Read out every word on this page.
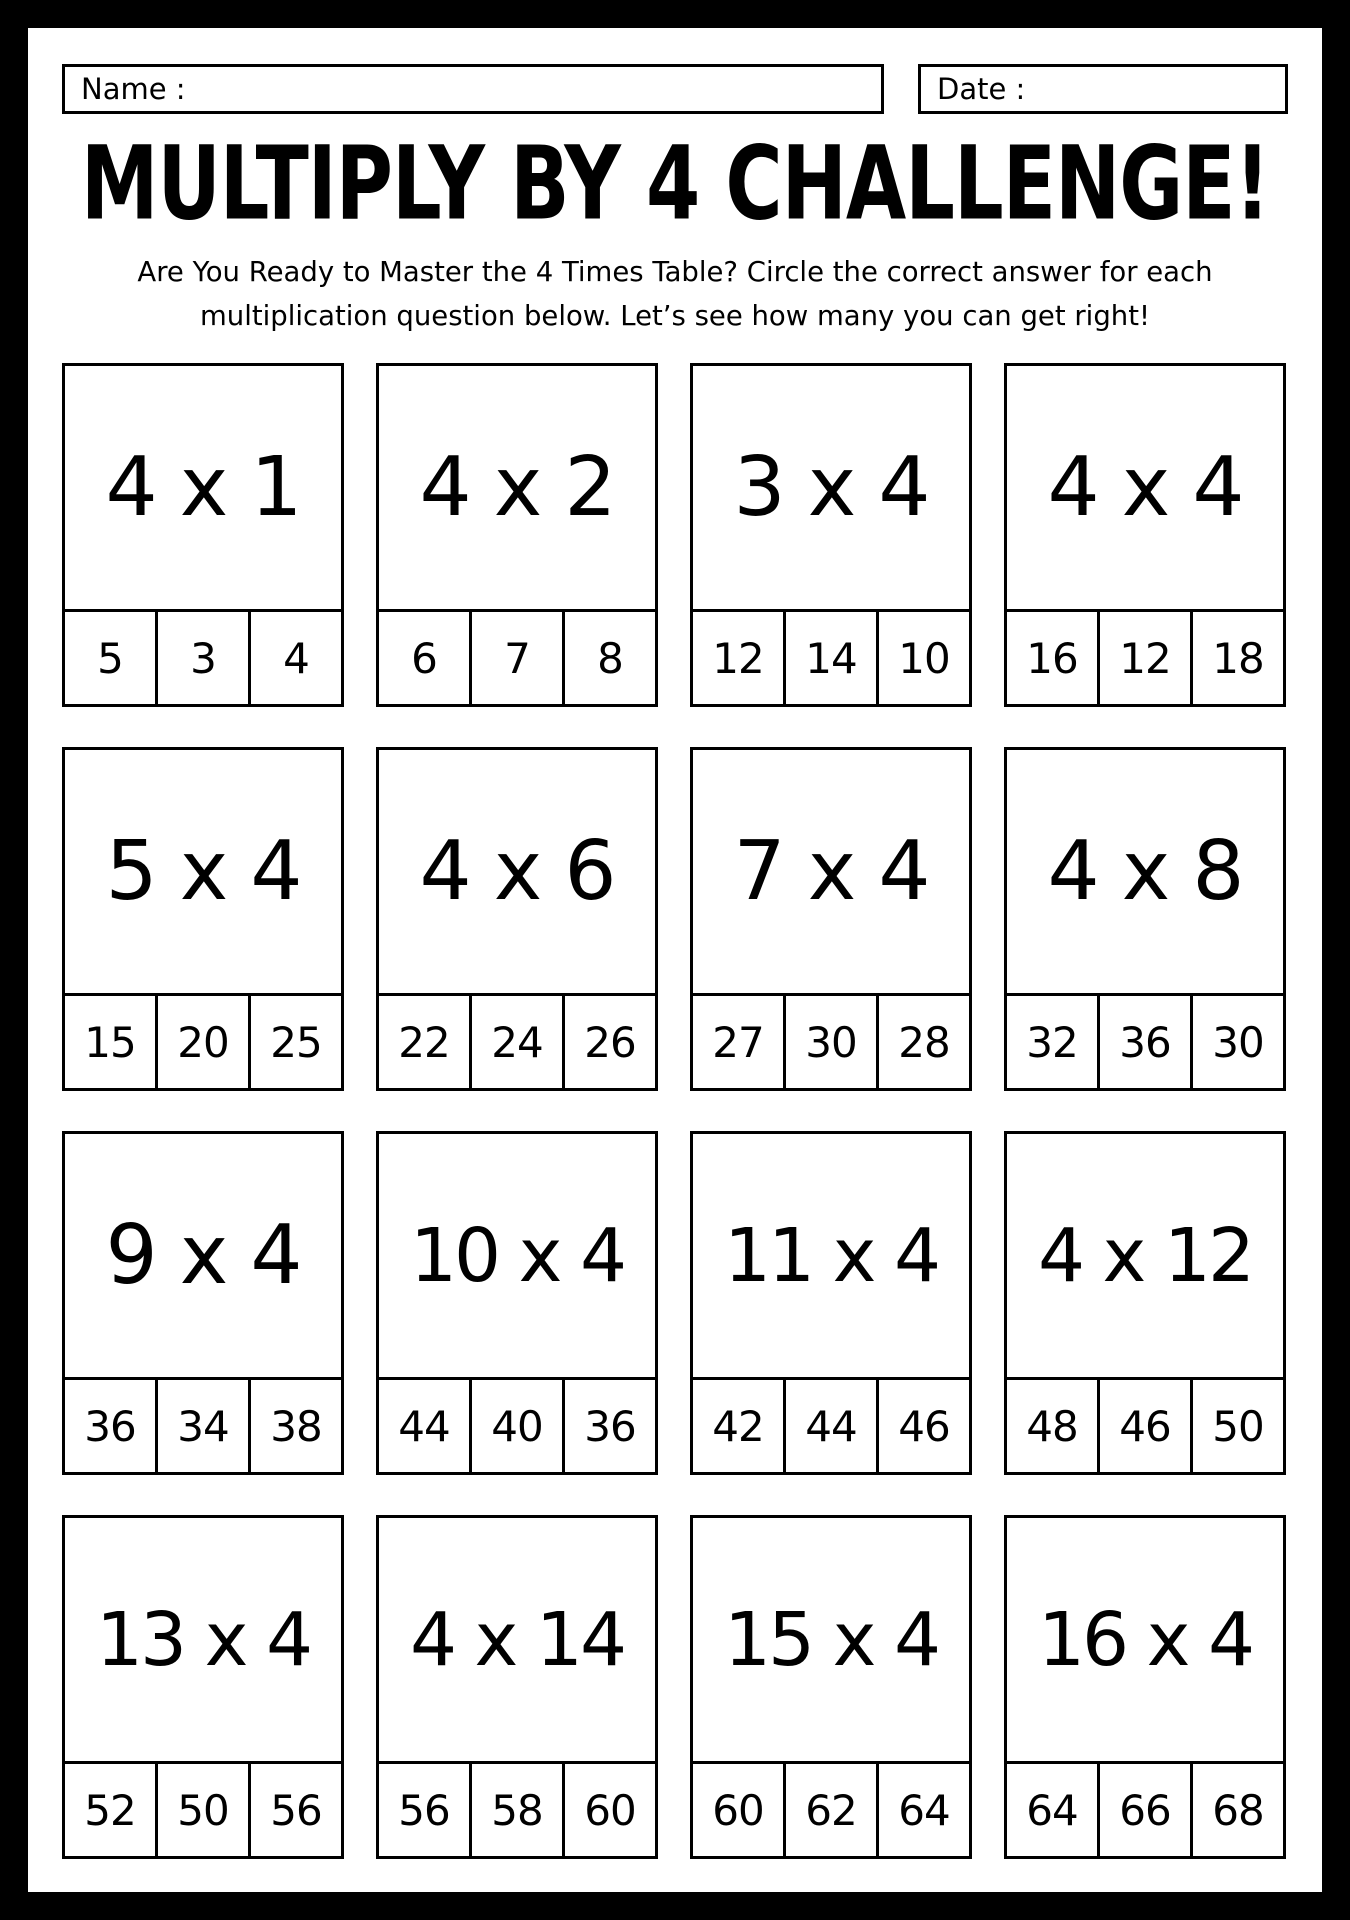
Name :	Date :
MULTIPLY BY 4 CHALLENGE!
Are You Ready to Master the 4 Times Table? Circle the correct answer for each multiplication question below. Let’s see how many you can get right!
4 x 1
5	3	4
4 x 2
6	7	8
3 x 4
12 14 10
4 x 4
16 12 18
5 x 4
15 20 25
4 x 6
22 24 26
7 x 4
27 30 28
4 x 8
32 36 30
9 x 4
36 34 38
10 x 4
44 40 36
11 x 4
42 44 46
4 x 12
48 46 50
13 x 4
52 50 56
4 x 14
56 58 60
15 x 4
60 62 64
16 x 4
64 66 68
